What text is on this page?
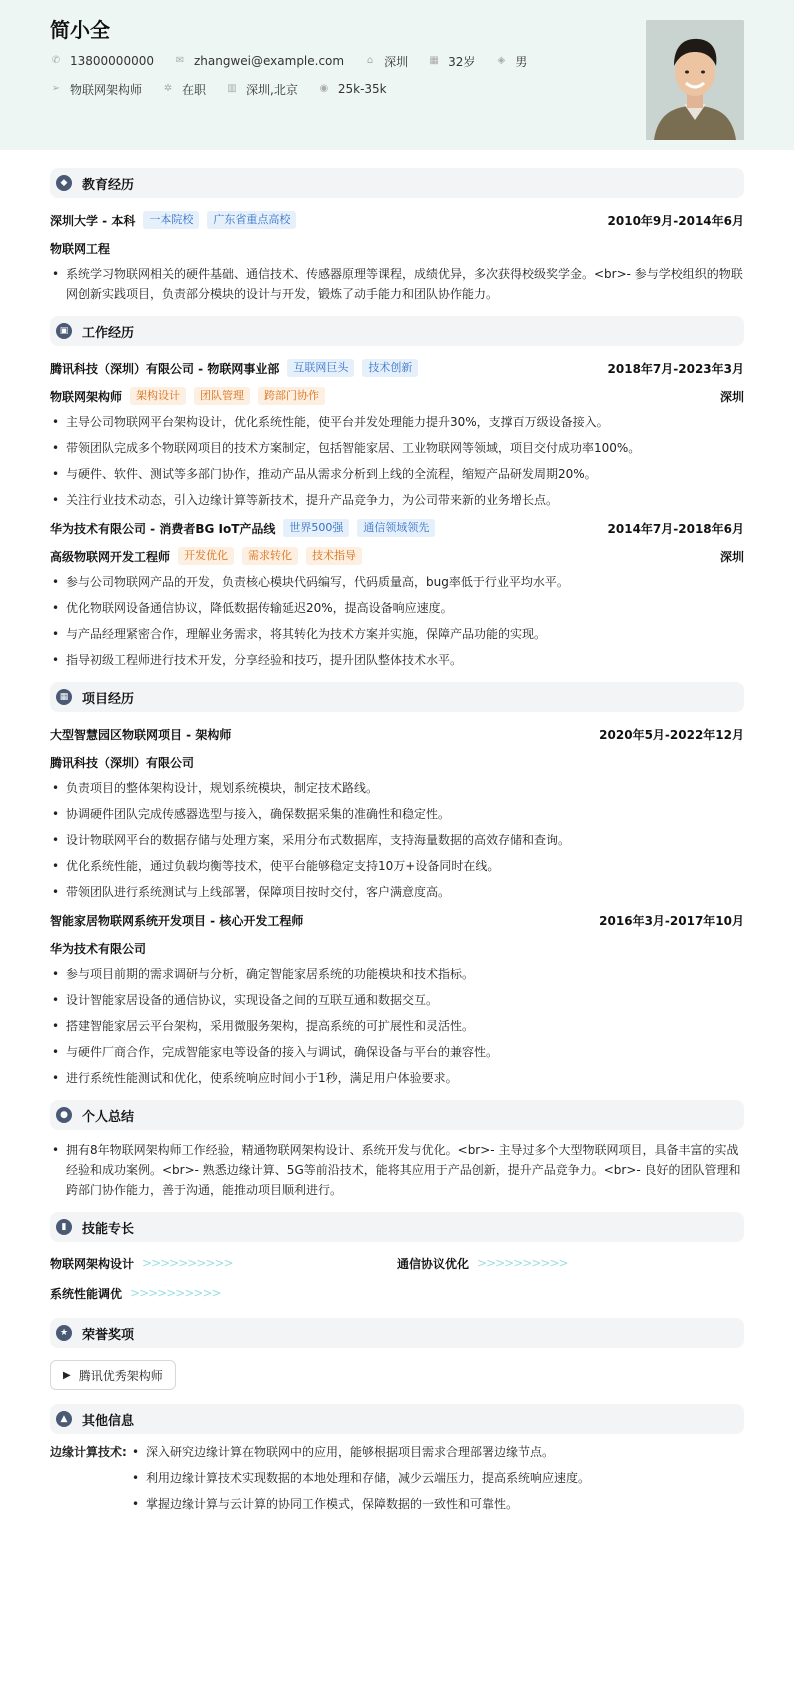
简小全
✆ 13800000000 ✉ zhangwei@example.com ⌂ 深圳 ▦ 32岁 ◈ 男
➢ 物联网架构师 ✲ 在职 ▥ 深圳,北京 ◉ 25k-35k
◆	教育经历
深圳大学 - 本科	一本院校	广东省重点高校	2010年9月-2014年6月
物联网工程
• 系统学习物联网相关的硬件基础、通信技术、传感器原理等课程，成绩优异，多次获得校级奖学金。<br>- 参与学校组织的物联网创新实践项目，负责部分模块的设计与开发，锻炼了动手能力和团队协作能力。
▣ 工作经历
腾讯科技（深圳）有限公司 - 物联网事业部	互联网巨头	技术创新	2018年7月-2023年3月
物联网架构师	架构设计	团队管理	跨部门协作	深圳
• 主导公司物联网平台架构设计，优化系统性能，使平台并发处理能力提升30%，支撑百万级设备接入。
• 带领团队完成多个物联网项目的技术方案制定，包括智能家居、工业物联网等领域，项目交付成功率100%。
• 与硬件、软件、测试等多部门协作，推动产品从需求分析到上线的全流程，缩短产品研发周期20%。
• 关注行业技术动态，引入边缘计算等新技术，提升产品竞争力，为公司带来新的业务增长点。
华为技术有限公司 - 消费者BG IoT产品线	世界500强	通信领域领先	2014年7月-2018年6月
高级物联网开发工程师	开发优化	需求转化	技术指导	深圳
• 参与公司物联网产品的开发，负责核心模块代码编写，代码质量高，bug率低于行业平均水平。
• 优化物联网设备通信协议，降低数据传输延迟20%，提高设备响应速度。
• 与产品经理紧密合作，理解业务需求，将其转化为技术方案并实施，保障产品功能的实现。
• 指导初级工程师进行技术开发，分享经验和技巧，提升团队整体技术水平。
▦ 项目经历
大型智慧园区物联网项目 - 架构师	2020年5月-2022年12月
腾讯科技（深圳）有限公司
• 负责项目的整体架构设计，规划系统模块，制定技术路线。
• 协调硬件团队完成传感器选型与接入，确保数据采集的准确性和稳定性。
• 设计物联网平台的数据存储与处理方案，采用分布式数据库，支持海量数据的高效存储和查询。
• 优化系统性能，通过负载均衡等技术，使平台能够稳定支持10万+设备同时在线。
• 带领团队进行系统测试与上线部署，保障项目按时交付，客户满意度高。
智能家居物联网系统开发项目 - 核心开发工程师	2016年3月-2017年10月
华为技术有限公司
• 参与项目前期的需求调研与分析，确定智能家居系统的功能模块和技术指标。
• 设计智能家居设备的通信协议，实现设备之间的互联互通和数据交互。
• 搭建智能家居云平台架构，采用微服务架构，提高系统的可扩展性和灵活性。
• 与硬件厂商合作，完成智能家电等设备的接入与调试，确保设备与平台的兼容性。
• 进行系统性能测试和优化，使系统响应时间小于1秒，满足用户体验要求。
●	个人总结
• 拥有8年物联网架构师工作经验，精通物联网架构设计、系统开发与优化。<br>- 主导过多个大型物联网项目，具备丰富的实战经验和成功案例。<br>- 熟悉边缘计算、5G等前沿技术，能将其应用于产品创新，提升产品竞争力。<br>- 良好的团队管理和跨部门协作能力，善于沟通，能推动项目顺利进行。
▮	技能专长
物联网架构设计 >>>>>>>>>>	通信协议优化 >>>>>>>>>>
系统性能调优 >>>>>>>>>>
★	荣誉奖项
▶ 腾讯优秀架构师
▲	其他信息
边缘计算技术:
•	深入研究边缘计算在物联网中的应用，能够根据项目需求合理部署边缘节点。
• 利用边缘计算技术实现数据的本地处理和存储，减少云端压力，提高系统响应速度。
• 掌握边缘计算与云计算的协同工作模式，保障数据的一致性和可靠性。
